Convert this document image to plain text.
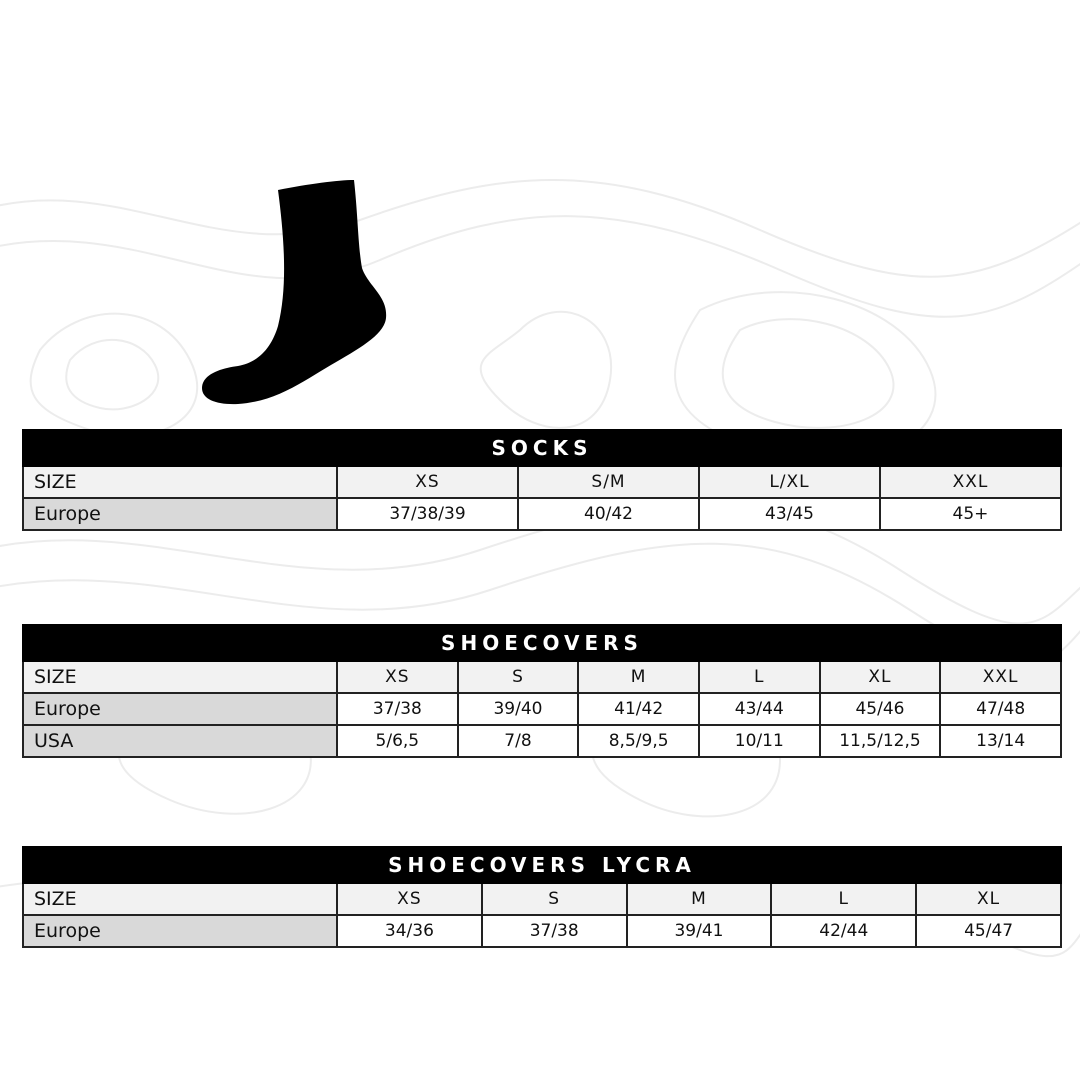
SOCKS				
SIZE	XS	S/M	L/XL	XXL
Europe	37/38/39	40/42	43/45	45+
SHOECOVERS						
SIZE	XS	S	M	L	XL	XXL
Europe	37/38	39/40	41/42	43/44	45/46	47/48
USA	5/6,5	7/8	8,5/9,5	10/11	11,5/12,5	13/14
SHOECOVERS LYCRA					
SIZE	XS	S	M	L	XL
Europe	34/36	37/38	39/41	42/44	45/47
